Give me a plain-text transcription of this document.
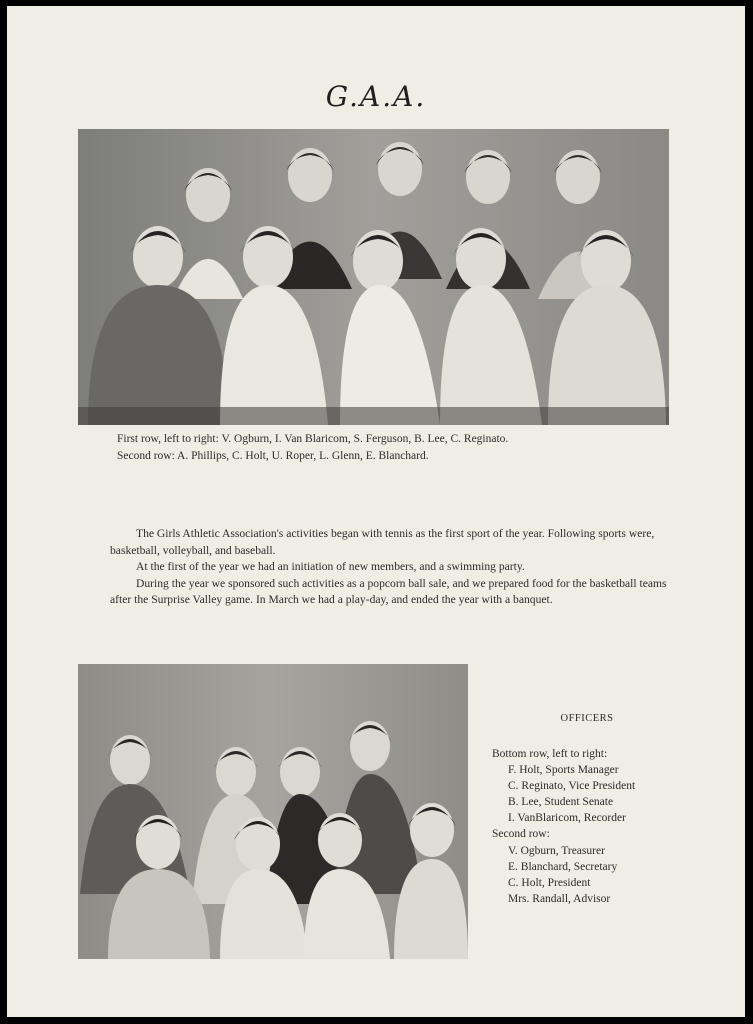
G.A.A.
First row, left to right: V. Ogburn, I. Van Blaricom, S. Ferguson, B. Lee, C. Reginato.
Second row: A. Phillips, C. Holt, U. Roper, L. Glenn, E. Blanchard.

The Girls Athletic Association's activities began with tennis as the first sport of the year. Following sports were, basketball, volleyball, and baseball.

At the first of the year we had an initiation of new members, and a swimming party.

During the year we sponsored such activities as a popcorn ball sale, and we prepared food for the basketball teams after the Surprise Valley game. In March we had a play-day, and ended the year with a banquet.

OFFICERS
Bottom row, left to right:
F. Holt, Sports Manager
C. Reginato, Vice President
B. Lee, Student Senate
I. VanBlaricom, Recorder
Second row:
V. Ogburn, Treasurer
E. Blanchard, Secretary
C. Holt, President
Mrs. Randall, Advisor
